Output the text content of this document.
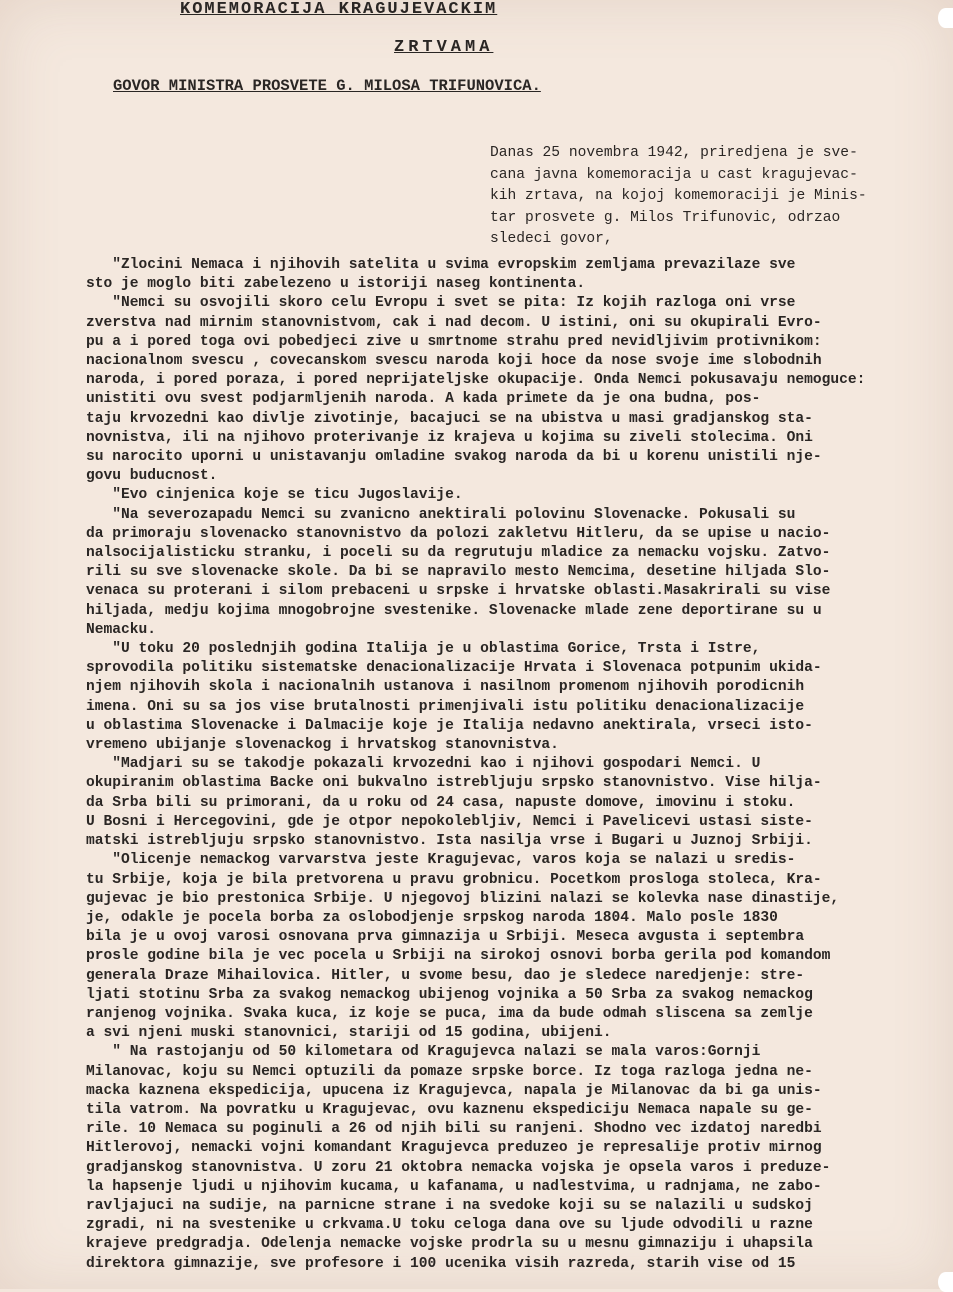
KOMEMORACIJA KRAGUJEVACKIM
ZRTVAMA
GOVOR MINISTRA PROSVETE G. MILOSA TRIFUNOVICA.
Danas 25 novembra 1942, priredjena je sve-
cana javna komemoracija u cast kragujevac-
kih zrtava, na kojoj komemoraciji je Minis-
tar prosvete g. Milos Trifunovic, odrzao
sledeci govor,
"Zlocini Nemaca i njihovih satelita u svima evropskim zemljama prevazilaze sve
sto je moglo biti zabelezeno u istoriji naseg kontinenta.
"Nemci su osvojili skoro celu Evropu i svet se pita: Iz kojih razloga oni vrse
zverstva nad mirnim stanovnistvom, cak i nad decom. U istini, oni su okupirali Evro-
pu a i pored toga ovi pobedjeci zive u smrtnome strahu pred nevidljivim protivnikom:
nacionalnom svescu , covecanskom svescu naroda koji hoce da nose svoje ime slobodnih
naroda, i pored poraza, i pored neprijateljske okupacije. Onda Nemci pokusavaju nemoguce:
unistiti ovu svest podjarmljenih naroda. A kada primete da je ona budna, pos-
taju krvozedni kao divlje zivotinje, bacajuci se na ubistva u masi gradjanskog sta-
novnistva, ili na njihovo proterivanje iz krajeva u kojima su ziveli stolecima. Oni
su narocito uporni u unistavanju omladine svakog naroda da bi u korenu unistili nje-
govu buducnost.
"Evo cinjenica koje se ticu Jugoslavije.
"Na severozapadu Nemci su zvanicno anektirali polovinu Slovenacke. Pokusali su
da primoraju slovenacko stanovnistvo da polozi zakletvu Hitleru, da se upise u nacio-
nalsocijalisticku stranku, i poceli su da regrutuju mladice za nemacku vojsku. Zatvo-
rili su sve slovenacke skole. Da bi se napravilo mesto Nemcima, desetine hiljada Slo-
venaca su proterani i silom prebaceni u srpske i hrvatske oblasti.Masakrirali su vise
hiljada, medju kojima mnogobrojne svestenike. Slovenacke mlade zene deportirane su u
Nemacku.
"U toku 20 poslednjih godina Italija je u oblastima Gorice, Trsta i Istre,
sprovodila politiku sistematske denacionalizacije Hrvata i Slovenaca potpunim ukida-
njem njihovih skola i nacionalnih ustanova i nasilnom promenom njihovih porodicnih
imena. Oni su sa jos vise brutalnosti primenjivali istu politiku denacionalizacije
u oblastima Slovenacke i Dalmacije koje je Italija nedavno anektirala, vrseci isto-
vremeno ubijanje slovenackog i hrvatskog stanovnistva.
"Madjari su se takodje pokazali krvozedni kao i njihovi gospodari Nemci. U
okupiranim oblastima Backe oni bukvalno istrebljuju srpsko stanovnistvo. Vise hilja-
da Srba bili su primorani, da u roku od 24 casa, napuste domove, imovinu i stoku.
U Bosni i Hercegovini, gde je otpor nepokolebljiv, Nemci i Pavelicevi ustasi siste-
matski istrebljuju srpsko stanovnistvo. Ista nasilja vrse i Bugari u Juznoj Srbiji.
"Olicenje nemackog varvarstva jeste Kragujevac, varos koja se nalazi u sredis-
tu Srbije, koja je bila pretvorena u pravu grobnicu. Pocetkom proslogа stoleca, Kra-
gujevac je bio prestonica Srbije. U njegovoj blizini nalazi se kolevka nase dinastije,
je, odakle je pocela borba za oslobodjenje srpskog naroda 1804. Malo posle 1830
bila je u ovoj varosi osnovana prva gimnazija u Srbiji. Meseca avgusta i septembra
prosle godine bila je vec pocela u Srbiji na sirokoj osnovi borba gerila pod komandom
generala Draze Mihailovica. Hitler, u svome besu, dao je sledece naredjenje: stre-
ljati stotinu Srba za svakog nemackog ubijenog vojnika a 50 Srba za svakog nemackog
ranjenog vojnika. Svaka kuca, iz koje se puca, ima da bude odmah sliscena sa zemlje
a svi njeni muski stanovnici, stariji od 15 godina, ubijeni.
" Na rastojanju od 50 kilometara od Kragujevca nalazi se mala varos:Gornji
Milanovac, koju su Nemci optuzili da pomaze srpske borce. Iz toga razloga jedna ne-
macka kaznena ekspedicija, upucena iz Kragujevca, napala je Milanovac da bi ga unis-
tila vatrom. Na povratku u Kragujevac, ovu kaznenu ekspediciju Nemaca napale su ge-
rile. 10 Nemaca su poginuli a 26 od njih bili su ranjeni. Shodno vec izdatoj naredbi
Hitlerovoj, nemacki vojni komandant Kragujevca preduzeo je represalije protiv mirnog
gradjanskog stanovnistva. U zoru 21 oktobra nemacka vojska je opsela varos i preduze-
la hapsenje ljudi u njihovim kucama, u kafanama, u nadlestvima, u radnjama, ne zabo-
ravljajuci na sudije, na parnicne strane i na svedoke koji su se nalazili u sudskoj
zgradi, ni na svestenike u crkvama.U toku celoga dana ove su ljude odvodili u razne
krajeve predgradja. Odelenja nemacke vojske prodrla su u mesnu gimnaziju i uhapsila
direktora gimnazije, sve profesore i 100 ucenika visih razreda, starih vise od 15
